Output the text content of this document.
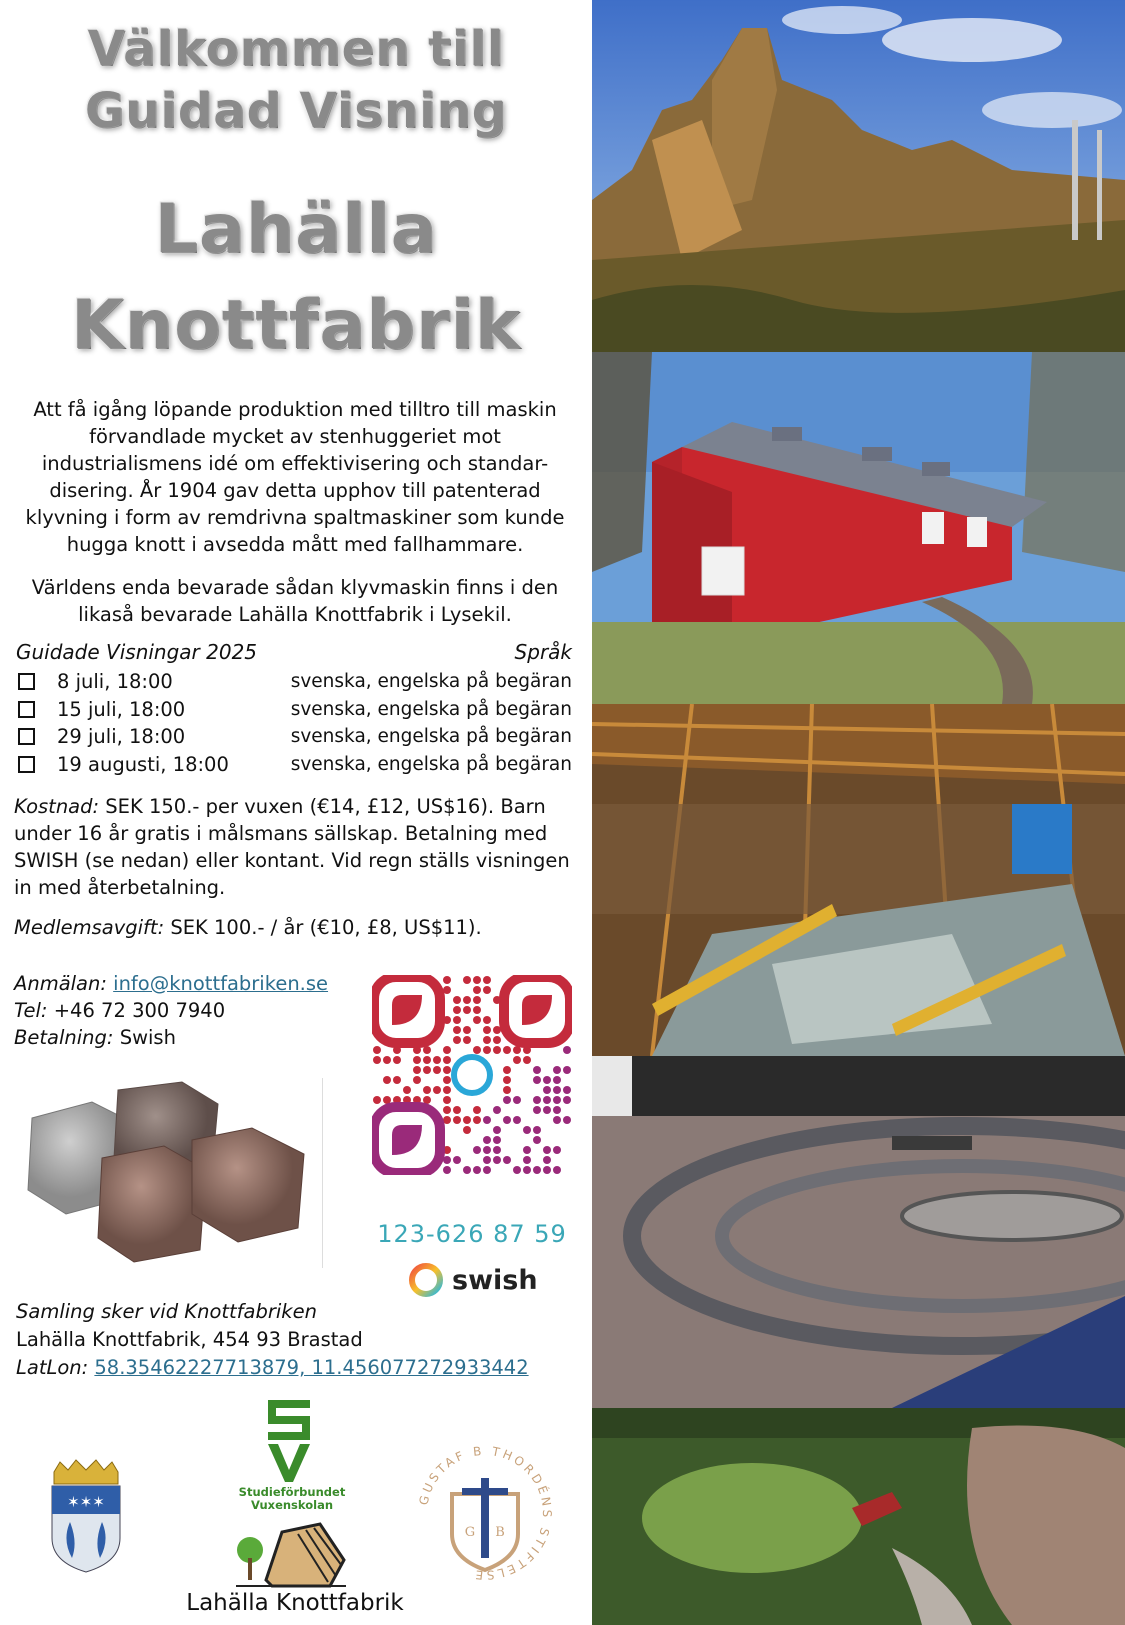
Välkommen till
Guidad Visning
Lahälla
Knottfabrik
Att få igång löpande produktion med tilltro till maskin förvandlade mycket av stenhuggeriet mot industrialismens idé om effektivisering och standar-disering. År 1904 gav detta upphov till patenterad klyvning i form av remdrivna spaltmaskiner som kunde hugga knott i avsedda mått med fallhammare.
Världens enda bevarade sådan klyvmaskin finns i den likaså bevarade Lahälla Knottfabrik i Lysekil.
Guidade Visningar 2025	Språk
8 juli, 18:00	svenska, engelska på begäran
15 juli, 18:00	svenska, engelska på begäran
29 juli, 18:00	svenska, engelska på begäran
19 augusti, 18:00	svenska, engelska på begäran
Kostnad: SEK 150.- per vuxen (€14, £12, US$16). Barn under 16 år gratis i målsmans sällskap. Betalning med SWISH (se nedan) eller kontant. Vid regn ställs visningen in med återbetalning.
Medlemsavgift: SEK 100.- / år (€10, £8, US$11).
Anmälan: info@knottfabriken.se
Tel: +46 72 300 7940
Betalning: Swish
123-626 87 59
swish
Samling sker vid Knottfabriken
Lahälla Knottfabrik, 454 93 Brastad
LatLon: 58.35462227713879, 11.456077272933442
✶✶✶
Studieförbundet
Vuxenskolan
Lahälla Knottfabrik
GUSTAF B THORDÉNS STIFTELSE
G B
